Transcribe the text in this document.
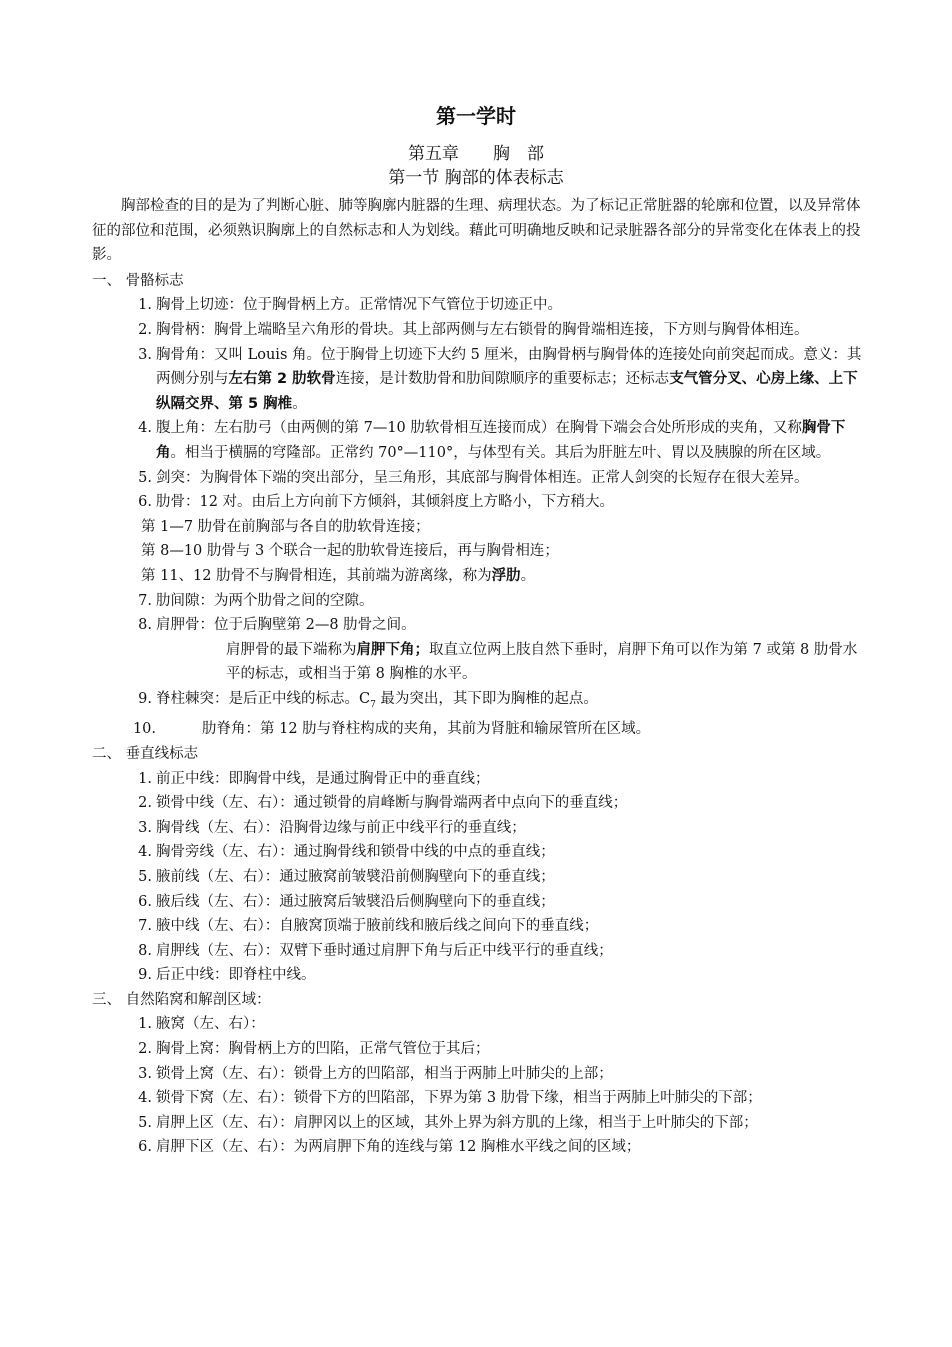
第一学时
第五章　　胸　部
第一节 胸部的体表标志

胸部检查的目的是为了判断心脏、肺等胸廓内脏器的生理、病理状态。为了标记正常脏器的轮廓和位置，以及异常体征的部位和范围，必须熟识胸廓上的自然标志和人为划线。藉此可明确地反映和记录脏器各部分的异常变化在体表上的投影。

一、 骨骼标志

1. 胸骨上切迹：位于胸骨柄上方。正常情况下气管位于切迹正中。
2. 胸骨柄：胸骨上端略呈六角形的骨块。其上部两侧与左右锁骨的胸骨端相连接，下方则与胸骨体相连。
3. 胸骨角：又叫 Louis 角。位于胸骨上切迹下大约 5 厘米，由胸骨柄与胸骨体的连接处向前突起而成。意义：其两侧分别与左右第 2 肋软骨连接，是计数肋骨和肋间隙顺序的重要标志；还标志支气管分叉、心房上缘、上下纵隔交界、第 5 胸椎。
4. 腹上角：左右肋弓（由两侧的第 7—10 肋软骨相互连接而成）在胸骨下端会合处所形成的夹角，又称胸骨下角。相当于横膈的穹隆部。正常约 70°—110°，与体型有关。其后为肝脏左叶、胃以及胰腺的所在区域。
5. 剑突：为胸骨体下端的突出部分，呈三角形，其底部与胸骨体相连。正常人剑突的长短存在很大差异。
6. 肋骨：12 对。由后上方向前下方倾斜，其倾斜度上方略小，下方稍大。

第 1—7 肋骨在前胸部与各自的肋软骨连接；

第 8—10 肋骨与 3 个联合一起的肋软骨连接后，再与胸骨相连；

第 11、12 肋骨不与胸骨相连，其前端为游离缘，称为浮肋。

7. 肋间隙：为两个肋骨之间的空隙。
8. 肩胛骨：位于后胸壁第 2—8 肋骨之间。

肩胛骨的最下端称为肩胛下角；取直立位两上肢自然下垂时，肩胛下角可以作为第 7 或第 8 肋骨水平的标志，或相当于第 8 胸椎的水平。

9. 脊柱棘突：是后正中线的标志。$C_7$ 最为突出，其下即为胸椎的起点。
10.	肋脊角：第 12 肋与脊柱构成的夹角，其前为肾脏和输尿管所在区域。

二、 垂直线标志

1. 前正中线：即胸骨中线，是通过胸骨正中的垂直线；
2. 锁骨中线（左、右）：通过锁骨的肩峰断与胸骨端两者中点向下的垂直线；
3. 胸骨线（左、右）：沿胸骨边缘与前正中线平行的垂直线；
4. 胸骨旁线（左、右）：通过胸骨线和锁骨中线的中点的垂直线；
5. 腋前线（左、右）：通过腋窝前皱襞沿前侧胸壁向下的垂直线；
6. 腋后线（左、右）：通过腋窝后皱襞沿后侧胸壁向下的垂直线；
7. 腋中线（左、右）：自腋窝顶端于腋前线和腋后线之间向下的垂直线；
8. 肩胛线（左、右）：双臂下垂时通过肩胛下角与后正中线平行的垂直线；
9. 后正中线：即脊柱中线。

三、 自然陷窝和解剖区域：

1. 腋窝（左、右）：
2. 胸骨上窝：胸骨柄上方的凹陷，正常气管位于其后；
3. 锁骨上窝（左、右）：锁骨上方的凹陷部，相当于两肺上叶肺尖的上部；
4. 锁骨下窝（左、右）：锁骨下方的凹陷部，下界为第 3 肋骨下缘，相当于两肺上叶肺尖的下部；
5. 肩胛上区（左、右）：肩胛冈以上的区域，其外上界为斜方肌的上缘，相当于上叶肺尖的下部；
6. 肩胛下区（左、右）：为两肩胛下角的连线与第 12 胸椎水平线之间的区域；
